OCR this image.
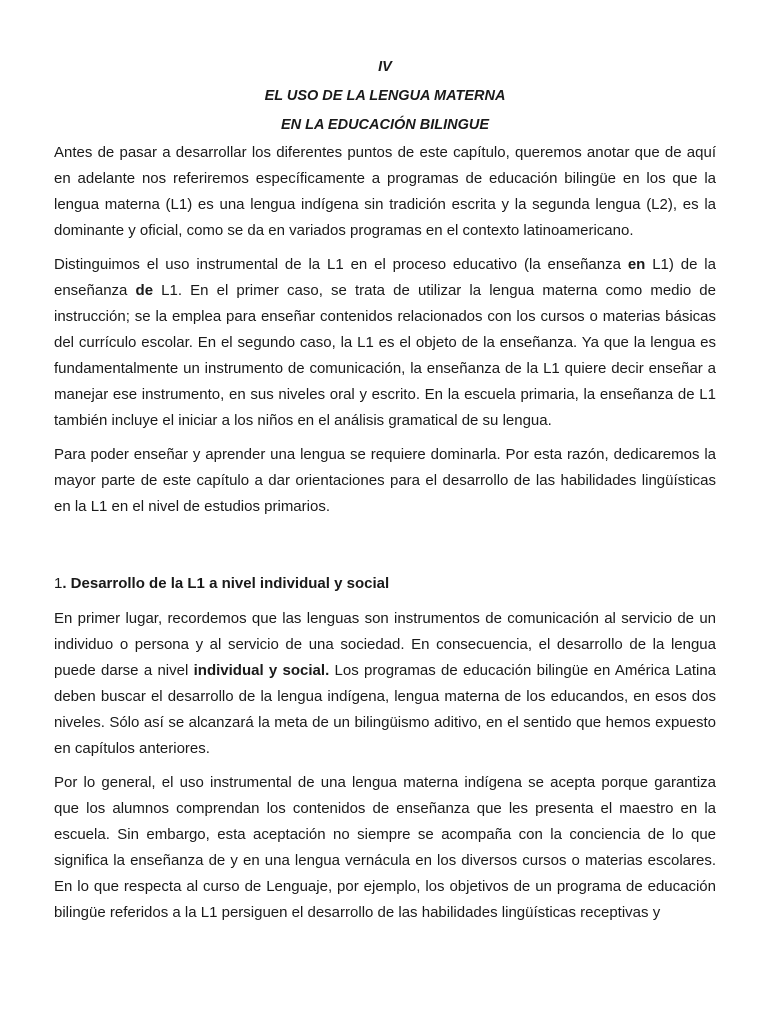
IV

EL USO DE LA LENGUA MATERNA

EN LA EDUCACIÓN BILINGUE

Antes de pasar a desarrollar los diferentes puntos de este capítulo, queremos anotar que de aquí en adelante nos referiremos específicamente a programas de educación bilingüe en los que la lengua materna (L1) es una lengua indígena sin tradición escrita y la segunda lengua (L2), es la dominante y oficial, como se da en variados programas en el contexto latinoamericano.

Distinguimos el uso instrumental de la L1 en el proceso educativo (la enseñanza en L1) de la enseñanza de L1. En el primer caso, se trata de utilizar la lengua materna como medio de instrucción; se la emplea para enseñar contenidos relacionados con los cursos o materias básicas del currículo escolar. En el segundo caso, la L1 es el objeto de la enseñanza. Ya que la lengua es fundamentalmente un instrumento de comunicación, la enseñanza de la L1 quiere decir enseñar a manejar ese instrumento, en sus niveles oral y escrito. En la escuela primaria, la enseñanza de L1 también incluye el iniciar a los niños en el análisis gramatical de su lengua.

Para poder enseñar y aprender una lengua se requiere dominarla. Por esta razón, dedicaremos la mayor parte de este capítulo a dar orientaciones para el desarrollo de las habilidades lingüísticas en la L1 en el nivel de estudios primarios.

1. Desarrollo de la L1 a nivel individual y social

En primer lugar, recordemos que las lenguas son instrumentos de comunicación al servicio de un individuo o persona y al servicio de una sociedad. En consecuencia, el desarrollo de la lengua puede darse a nivel individual y social. Los programas de educación bilingüe en América Latina deben buscar el desarrollo de la lengua indígena, lengua materna de los educandos, en esos dos niveles. Sólo así se alcanzará la meta de un bilingüismo aditivo, en el sentido que hemos expuesto en capítulos anteriores.

Por lo general, el uso instrumental de una lengua materna indígena se acepta porque garantiza que los alumnos comprendan los contenidos de enseñanza que les presenta el maestro en la escuela. Sin embargo, esta aceptación no siempre se acompaña con la conciencia de lo que significa la enseñanza de y en una lengua vernácula en los diversos cursos o materias escolares. En lo que respecta al curso de Lenguaje, por ejemplo, los objetivos de un programa de educación bilingüe referidos a la L1 persiguen el desarrollo de las habilidades lingüísticas receptivas y
